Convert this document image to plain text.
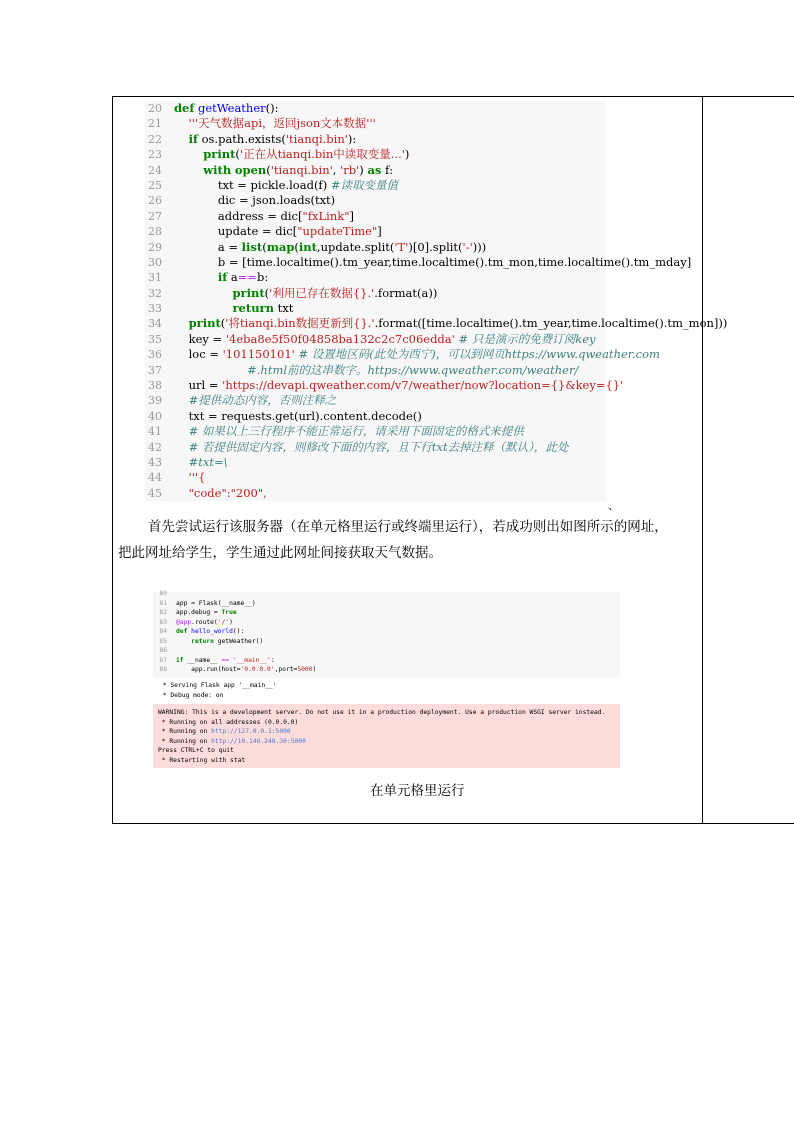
20 def getWeather():
21	'''天气数据api，返回json文本数据'''
22	if os.path.exists('tianqi.bin'):
23	print('正在从tianqi.bin中读取变量...')
24	with open('tianqi.bin', 'rb') as f:
25 txt = pickle.load(f) #读取变量值
26 dic = json.loads(txt)
27 address = dic["fxLink"]
28 update = dic["updateTime"]
29 a = list(map(int,update.split('T')[0].split('-')))
30 b = [time.localtime().tm_year,time.localtime().tm_mon,time.localtime().tm_mday]
31	if a==b:
32	print('利用已存在数据{}.'.format(a))
33	return txt
34	print('将tianqi.bin数据更新到{}.'.format([time.localtime().tm_year,time.localtime().tm_mon]))
35 key = '4eba8e5f50f04858ba132c2c7c06edda' # 只是演示的免费订阅key
36 loc = '101150101' # 设置地区码(此处为西宁)，可以到网页https://www.qweather.com
37	#.html前的这串数字。https://www.qweather.com/weather/
38 url = 'https://devapi.qweather.com/v7/weather/now?location={}&key={}'
39	#提供动态内容，否则注释之
40 txt = requests.get(url).content.decode()
41	# 如果以上三行程序不能正常运行，请采用下面固定的格式来提供
42	# 若提供固定内容，则修改下面的内容，且下行txt去掉注释（默认），此处
43	#txt=\
44	'''{
45	"code":"200",
、
首先尝试运行该服务器（在单元格里运行或终端里运行），若成功则出如图所示的网址，
把此网址给学生，学生通过此网址间接获取天气数据。
80
81 app = Flask(__name__)
82 app.debug = True
83 @app.route('/')
84 def hello_world():
85	return getWeather()
86
87 if __name__ == '__main__':
88 app.run(host='0.0.0.0',port=5000)
* Serving Flask app '__main__'
* Debug mode: on
WARNING: This is a development server. Do not use it in a production deployment. Use a production WSGI server instead.
* Running on all addresses (0.0.0.0)
* Running on http://127.0.0.1:5000
* Running on http://10.146.248.30:5000
Press CTRL+C to quit
* Restarting with stat
在单元格里运行
